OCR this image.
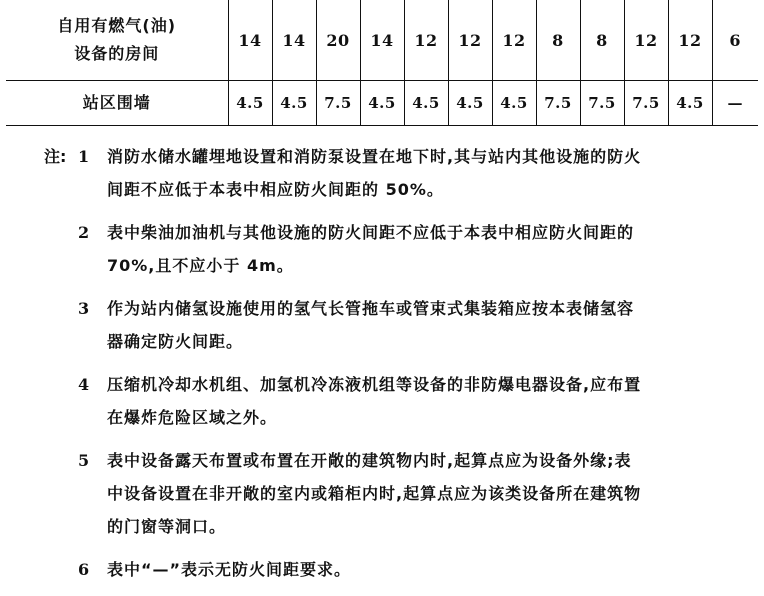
自用有燃气(油)
设备的房间	14	14	20	14	12	12	12	8	8	12	12	6

站区围墙	4.5	4.5	7.5	4.5	4.5	4.5	4.5	7.5	7.5	7.5	4.5	—
注: 1 消防水储水罐埋地设置和消防泵设置在地下时,其与站内其他设施的防火
间距不应低于本表中相应防火间距的 50%。
2 表中柴油加油机与其他设施的防火间距不应低于本表中相应防火间距的
70%,且不应小于 4m。
3 作为站内储氢设施使用的氢气长管拖车或管束式集装箱应按本表储氢容
器确定防火间距。
4 压缩机冷却水机组、加氢机冷冻液机组等设备的非防爆电器设备,应布置
在爆炸危险区域之外。
5 表中设备露天布置或布置在开敞的建筑物内时,起算点应为设备外缘;表
中设备设置在非开敞的室内或箱柜内时,起算点应为该类设备所在建筑物
的门窗等洞口。
6 表中“—”表示无防火间距要求。
